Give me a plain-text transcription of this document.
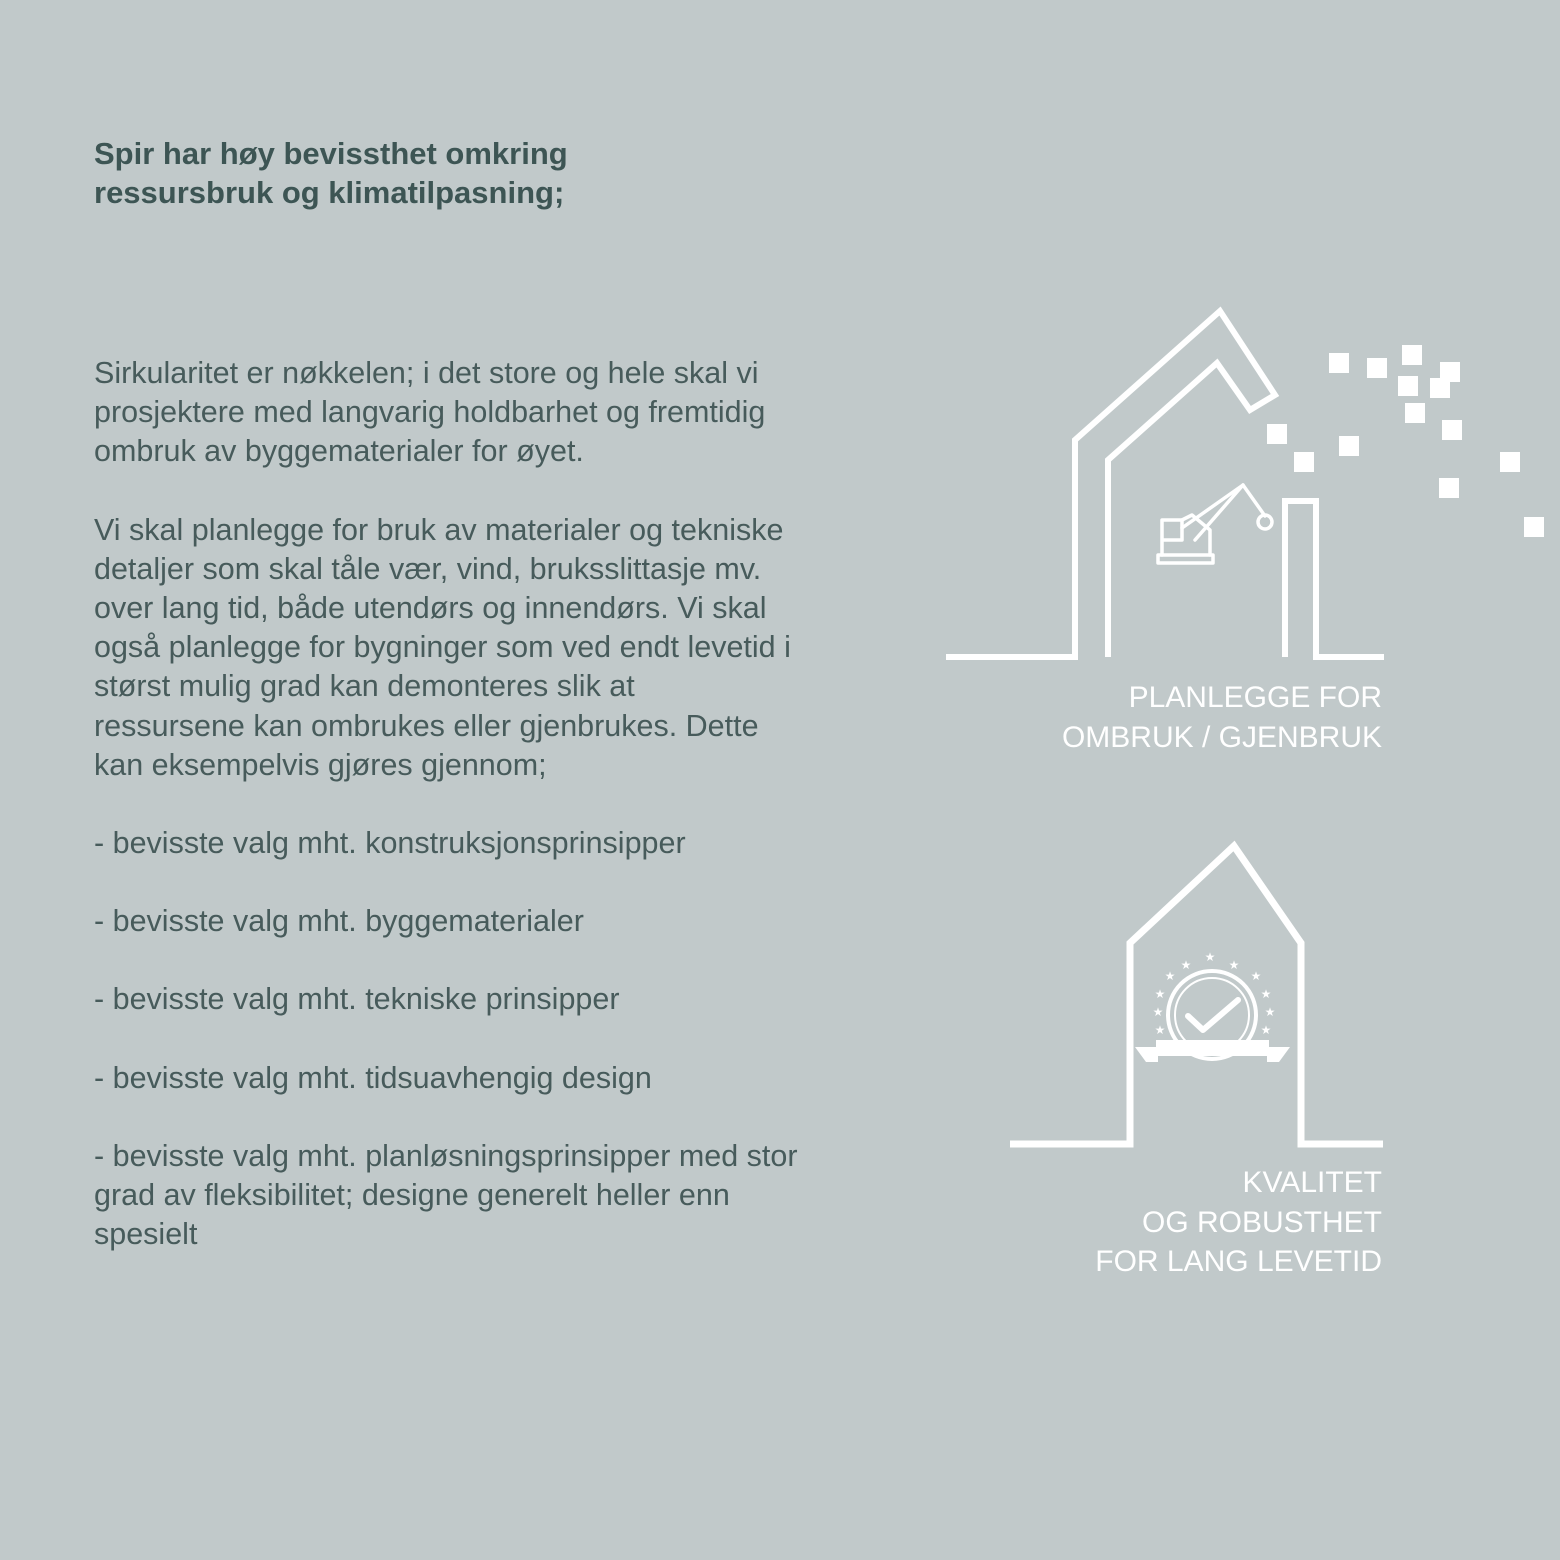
Spir har høy bevissthet omkring
ressursbruk og klimatilpasning;

Sirkularitet er nøkkelen; i det store og hele skal vi
prosjektere med langvarig holdbarhet og fremtidig
ombruk av byggematerialer for øyet.

Vi skal planlegge for bruk av materialer og tekniske
detaljer som skal tåle vær, vind, bruksslittasje mv.
over lang tid, både utendørs og innendørs. Vi skal
også planlegge for bygninger som ved endt levetid i
størst mulig grad kan demonteres slik at
ressursene kan ombrukes eller gjenbrukes. Dette
kan eksempelvis gjøres gjennom;

- bevisste valg mht. konstruksjonsprinsipper

- bevisste valg mht. byggematerialer

- bevisste valg mht. tekniske prinsipper

- bevisste valg mht. tidsuavhengig design

- bevisste valg mht. planløsningsprinsipper med stor
grad av fleksibilitet; designe generelt heller enn
spesielt

PLANLEGGE FOR
OMBRUK / GJENBRUK
★
★	★
★	★
★	★
★	★
★	★
KVALITET
OG ROBUSTHET
FOR LANG LEVETID
